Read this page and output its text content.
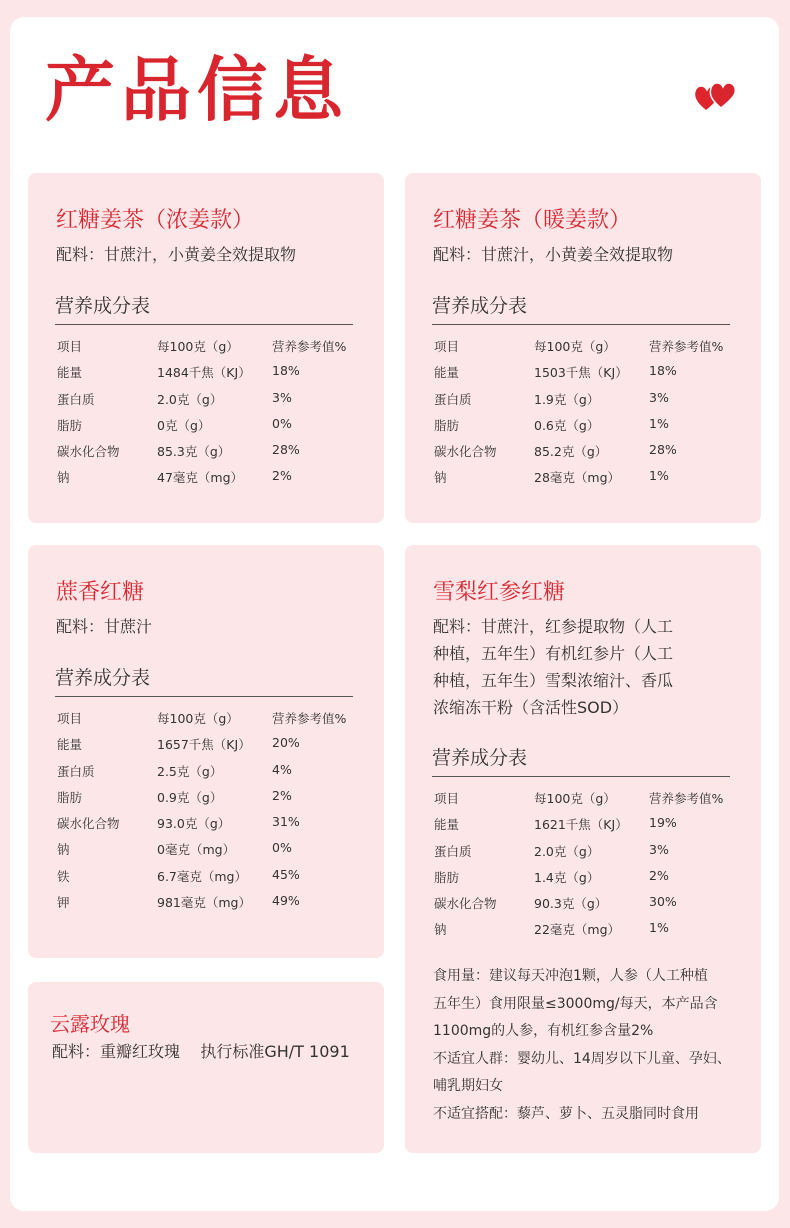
产品信息
红糖姜茶（浓姜款）
配料：甘蔗汁，小黄姜全效提取物
营养成分表
项目	每100克（g）	营养参考值%
能量	1484千焦（KJ） 18%
蛋白质	2.0克（g）	3%
脂肪	0克（g）	0%
碳水化合物	85.3克（g）	28%
钠	47毫克（mg） 2%
红糖姜茶（暖姜款）
配料：甘蔗汁，小黄姜全效提取物
营养成分表
项目	每100克（g）	营养参考值%
能量	1503千焦（KJ） 18%
蛋白质	1.9克（g）	3%
脂肪	0.6克（g）	1%
碳水化合物	85.2克（g）	28%
钠	28毫克（mg） 1%
蔗香红糖
配料：甘蔗汁
营养成分表
项目	每100克（g）	营养参考值%
能量	1657千焦（KJ） 20%
蛋白质	2.5克（g）	4%
脂肪	0.9克（g）	2%
碳水化合物	93.0克（g）	31%
钠	0毫克（mg）	0%
铁	6.7毫克（mg） 45%
钾	981毫克（mg） 49%
雪梨红参红糖
配料：甘蔗汁，红参提取物（人工
种植，五年生）有机红参片（人工
种植，五年生）雪梨浓缩汁、香瓜
浓缩冻干粉（含活性SOD）
营养成分表
项目	每100克（g）	营养参考值%
能量	1621千焦（KJ） 19%
蛋白质	2.0克（g）	3%
脂肪	1.4克（g）	2%
碳水化合物	90.3克（g）	30%
钠	22毫克（mg） 1%
食用量：建议每天冲泡1颗，人参（人工种植
五年生）食用限量≤3000mg/每天，本产品含
1100mg的人参，有机红参含量2%
不适宜人群：婴幼儿、14周岁以下儿童、孕妇、
哺乳期妇女
不适宜搭配：藜芦、萝卜、五灵脂同时食用
云露玫瑰
配料：重瓣红玫瑰    执行标准GH/T 1091
